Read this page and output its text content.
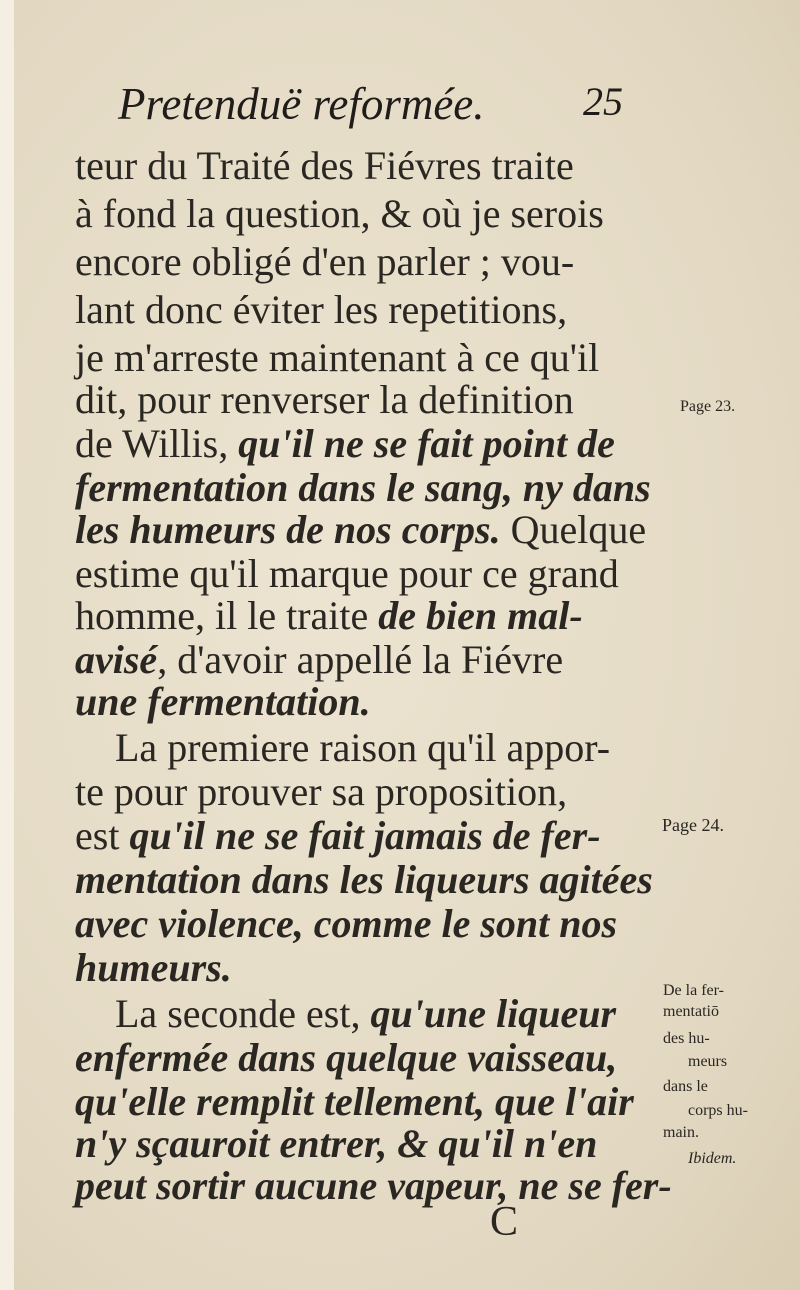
Pretenduë reformée. 25
teur du Traité des Fiévres traite
à fond la question, & où je serois
encore obligé d'en parler ; vou-
lant donc éviter les repetitions,
je m'arreste maintenant à ce qu'il
dit, pour renverser la definition
de Willis, qu'il ne se fait point de
fermentation dans le sang, ny dans
les humeurs de nos corps. Quelque
estime qu'il marque pour ce grand
homme, il le traite de bien mal-
avisé, d'avoir appellé la Fiévre
une fermentation.
La premiere raison qu'il appor-
te pour prouver sa proposition,
est qu'il ne se fait jamais de fer-
mentation dans les liqueurs agitées
avec violence, comme le sont nos
humeurs.
La seconde est, qu'une liqueur
enfermée dans quelque vaisseau,
qu'elle remplit tellement, que l'air
n'y sçauroit entrer, & qu'il n'en
peut sortir aucune vapeur, ne se fer-
Page 23.
Page 24.
De la fer-
mentatiō
des hu-
meurs
dans le
corps hu-
main.
Ibidem.
C
